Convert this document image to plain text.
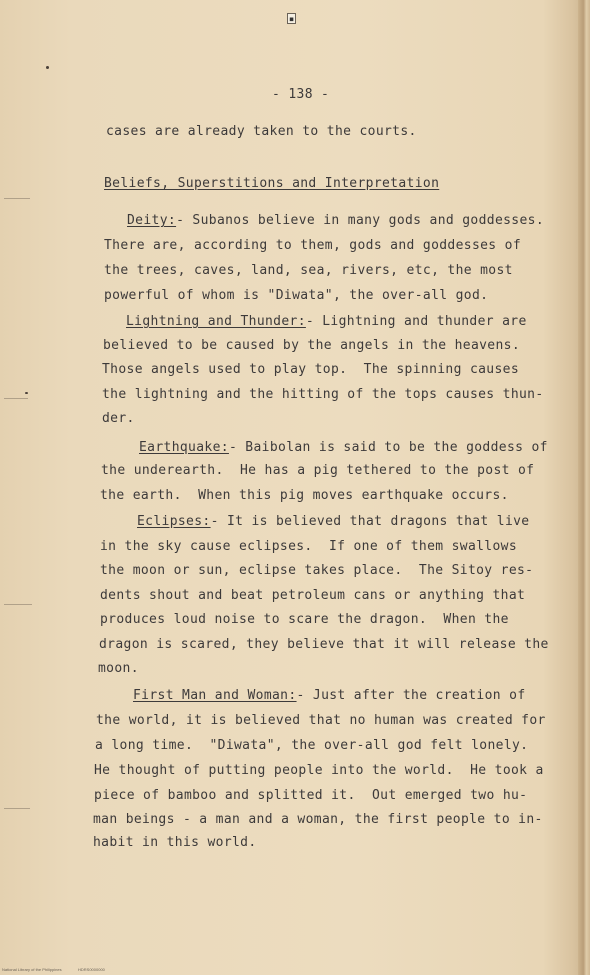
■
- 138 -
cases are already taken to the courts.
Beliefs, Superstitions and Interpretation
Deity:- Subanos believe in many gods and goddesses.
There are, according to them, gods and goddesses of
the trees, caves, land, sea, rivers, etc, the most
powerful of whom is "Diwata", the over-all god.
Lightning and Thunder:- Lightning and thunder are
believed to be caused by the angels in the heavens.
Those angels used to play top.  The spinning causes
the lightning and the hitting of the tops causes thun-
der.
Earthquake:- Baibolan is said to be the goddess of
the underearth.  He has a pig tethered to the post of
the earth.  When this pig moves earthquake occurs.
Eclipses:- It is believed that dragons that live
in the sky cause eclipses.  If one of them swallows
the moon or sun, eclipse takes place.  The Sitoy res-
dents shout and beat petroleum cans or anything that
produces loud noise to scare the dragon.  When the
dragon is scared, they believe that it will release the
moon.
First Man and Woman:- Just after the creation of
the world, it is believed that no human was created for
a long time.  "Diwata", the over-all god felt lonely.
He thought of putting people into the world.  He took a
piece of bamboo and splitted it.  Out emerged two hu-
man beings - a man and a woman, the first people to in-
habit in this world.
National Library of the Philippines	HDRS0000000
